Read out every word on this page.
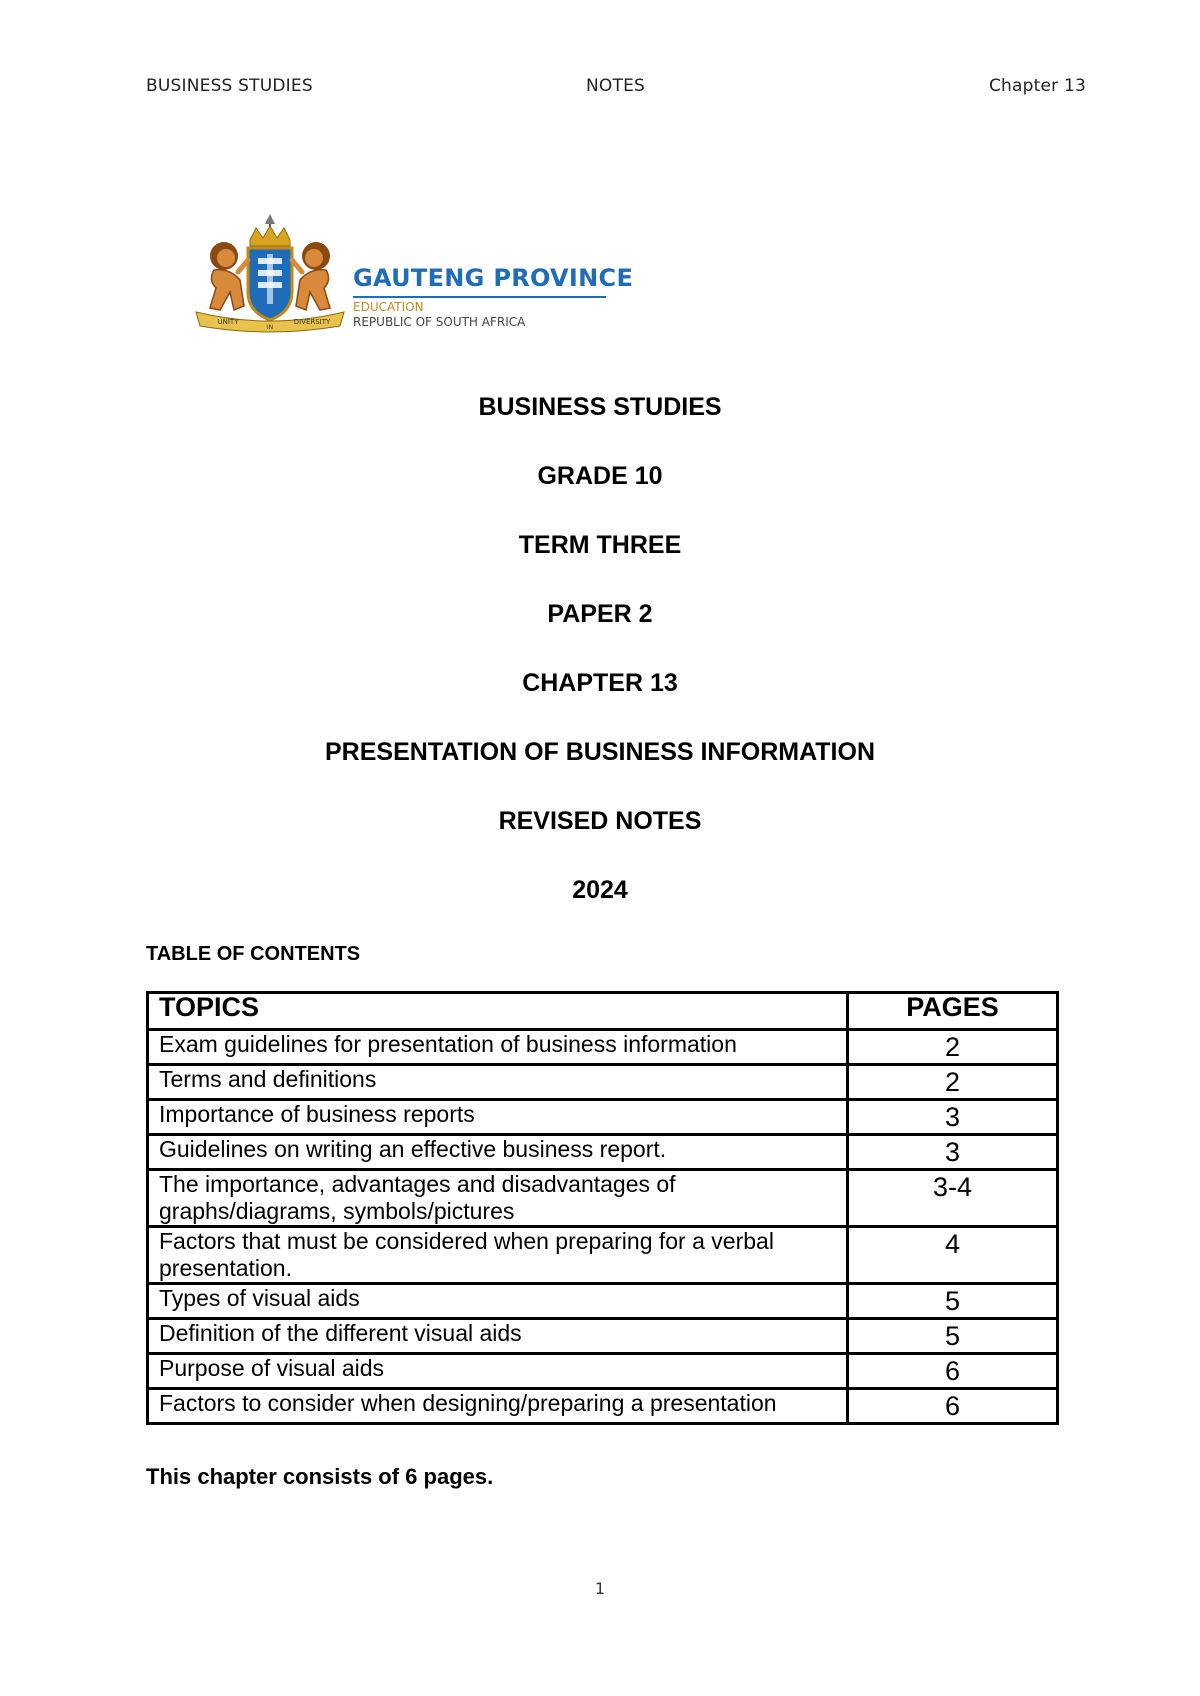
BUSINESS STUDIES	NOTES	Chapter 13
UNITY
IN
DIVERSITY
GAUTENG PROVINCE
EDUCATION
REPUBLIC OF SOUTH AFRICA
BUSINESS STUDIES
GRADE 10
TERM THREE
PAPER 2
CHAPTER 13
PRESENTATION OF BUSINESS INFORMATION
REVISED NOTES
2024
TABLE OF CONTENTS
TOPICS	PAGES
Exam guidelines for presentation of business information	2
Terms and definitions	2
Importance of business reports	3
Guidelines on writing an effective business report.	3
The importance, advantages and disadvantages of graphs/diagrams, symbols/pictures	3-4
Factors that must be considered when preparing for a verbal presentation.	4
Types of visual aids	5
Definition of the different visual aids	5
Purpose of visual aids	6
Factors to consider when designing/preparing a presentation	6
This chapter consists of 6 pages.
1
